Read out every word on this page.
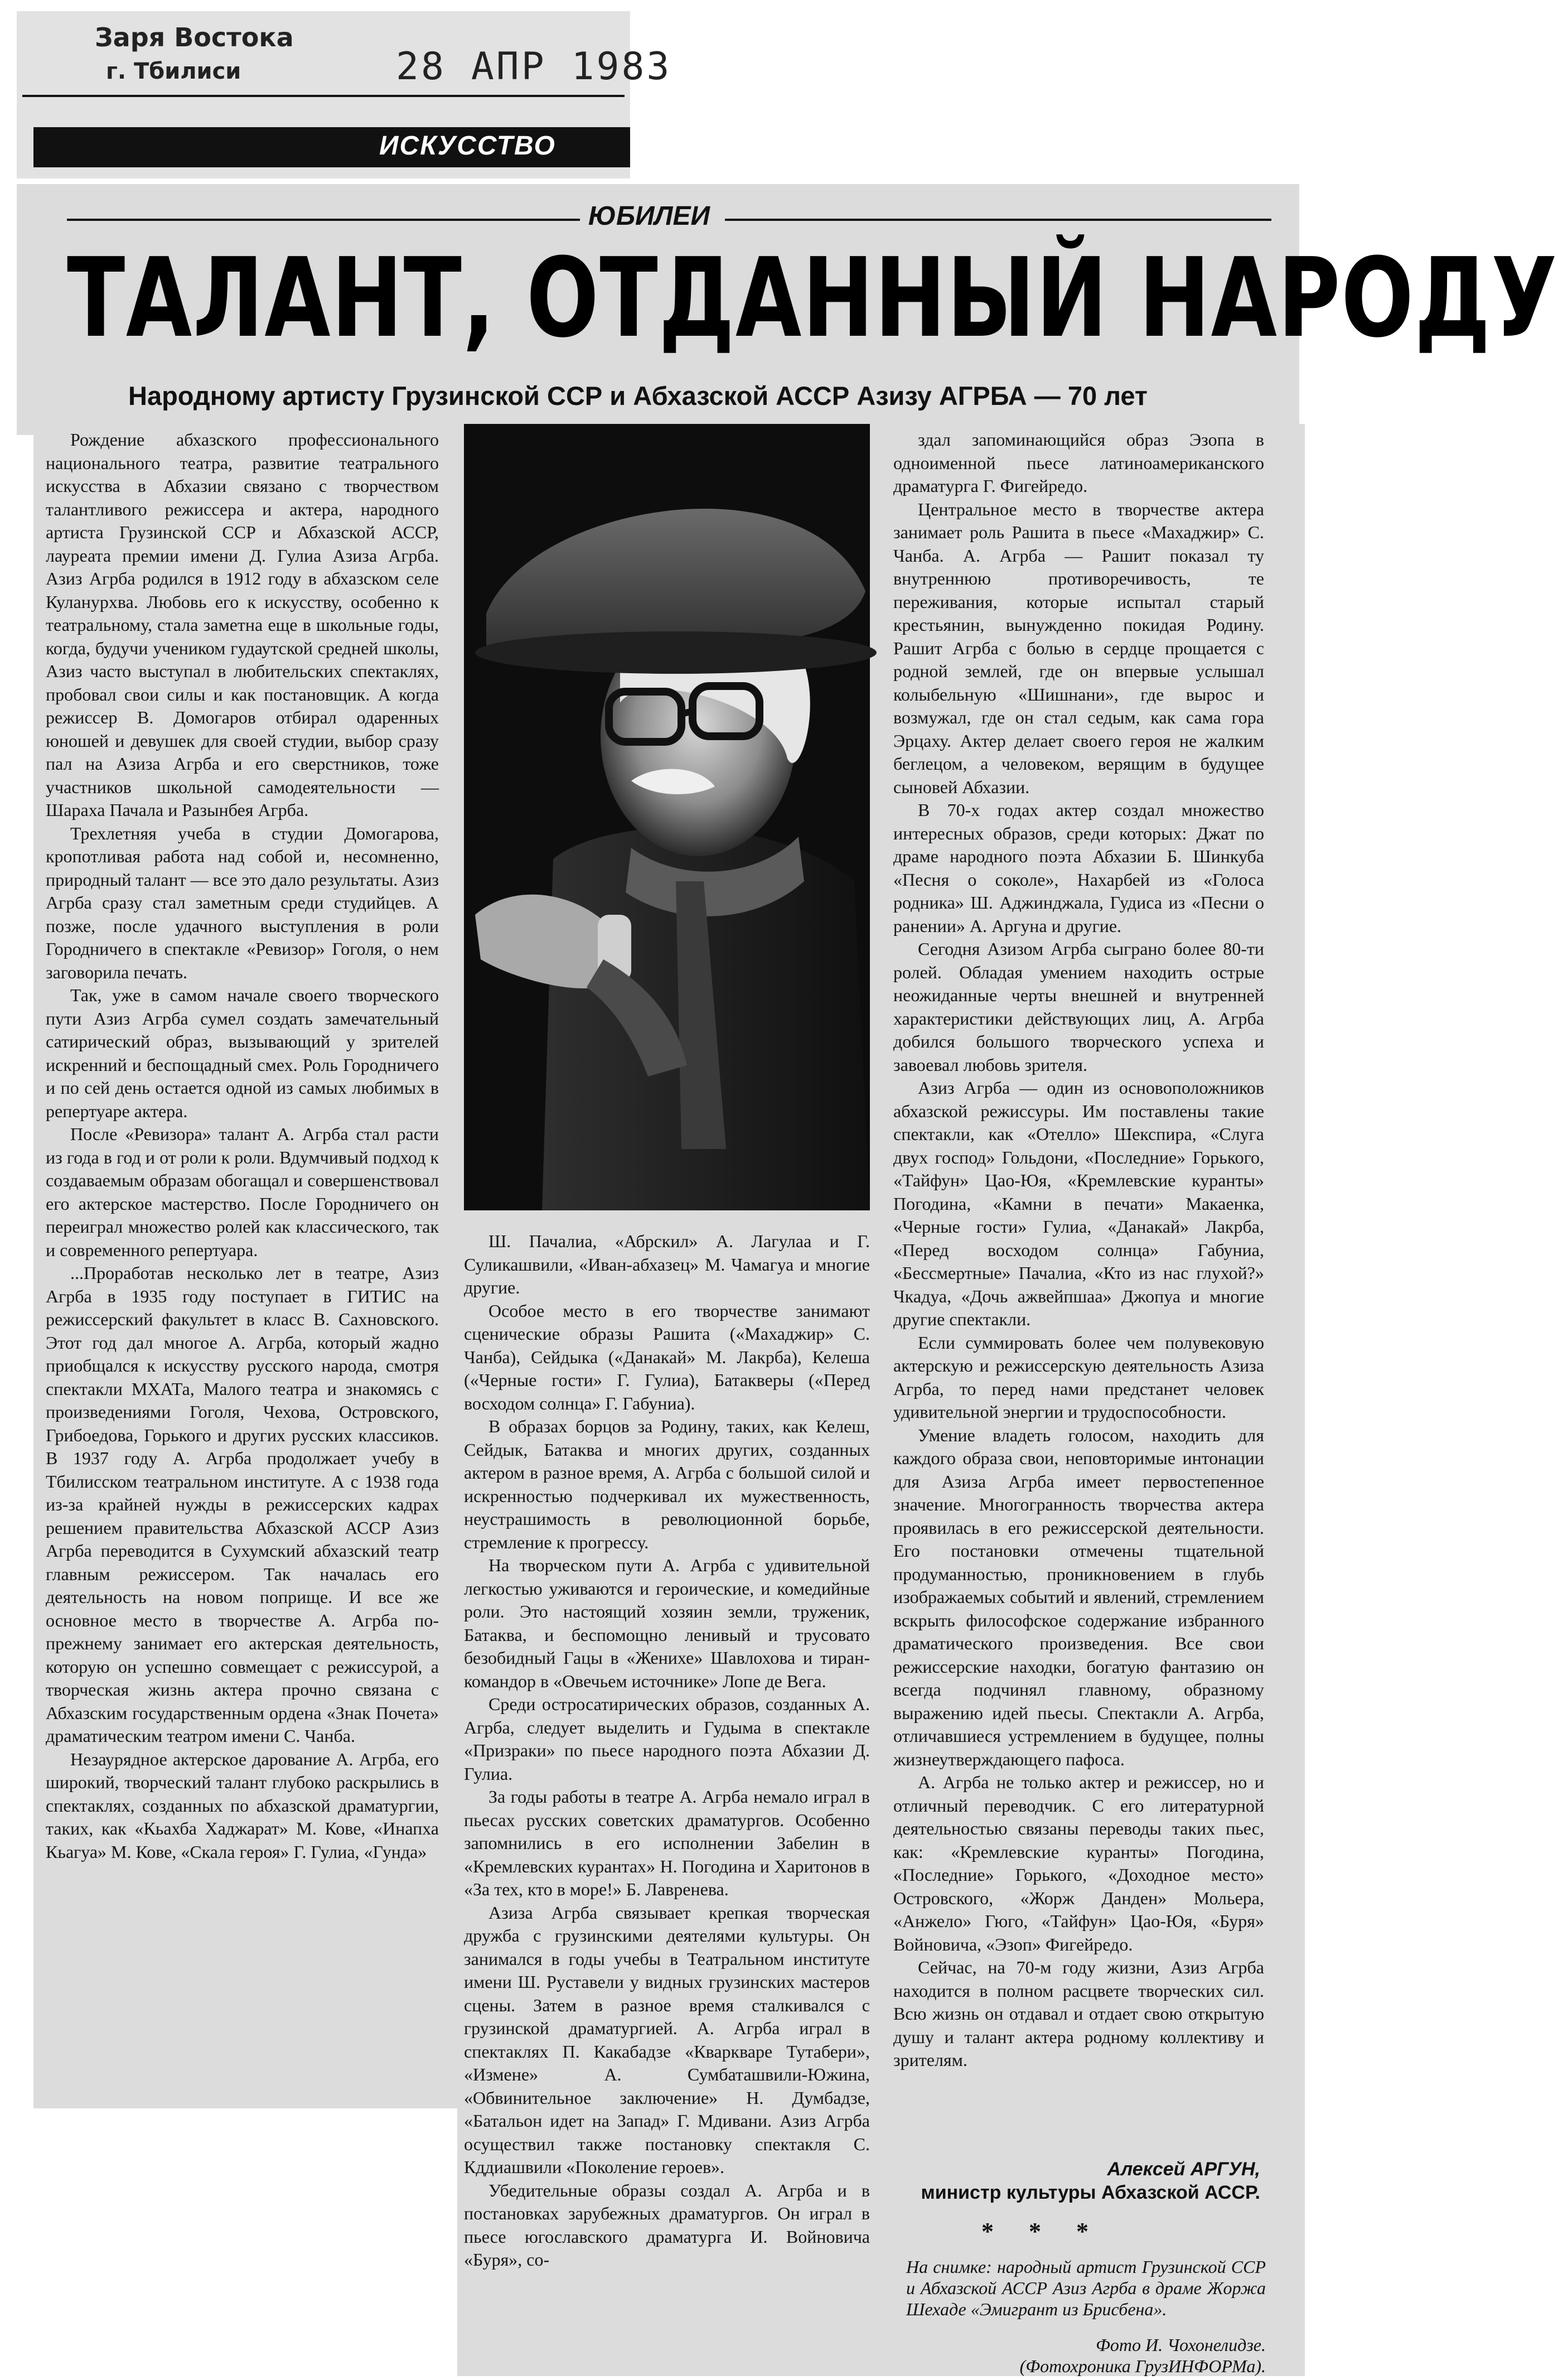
Заря Востока
г. Тбилиси	28 АПР 1983
ИСКУССТВО
ЮБИЛЕИ
ТАЛАНТ, ОТДАННЫЙ НАРОДУ
Народному артисту Грузинской ССР и Абхазской АССР Азизу АГРБА — 70 лет

Рождение абхазского профессионального национального театра, развитие театрального искусства в Абхазии связано с творчеством талантливого режиссера и актера, народного артиста Грузинской ССР и Абхазской АССР, лауреата премии имени Д. Гулиа Азиза Агрба. Азиз Агрба родился в 1912 году в абхазском селе Куланурхва. Любовь его к искусству, особенно к театральному, стала заметна еще в школьные годы, когда, будучи учеником гудаутской средней школы, Азиз часто выступал в любительских спектаклях, пробовал свои силы и как постановщик. А когда режиссер В. Домогаров отбирал одаренных юношей и девушек для своей студии, выбор сразу пал на Азиза Агрба и его сверстников, тоже участников школьной самодеятельности — Шараха Пачала и Разынбея Агрба.

Трехлетняя учеба в студии Домогарова, кропотливая работа над собой и, несомненно, природный талант — все это дало результаты. Азиз Агрба сразу стал заметным среди студийцев. А позже, после удачного выступления в роли Городничего в спектакле «Ревизор» Гоголя, о нем заговорила печать.

Так, уже в самом начале своего творческого пути Азиз Агрба сумел создать замечательный сатирический образ, вызывающий у зрителей искренний и беспощадный смех. Роль Городничего и по сей день остается одной из самых любимых в репертуаре актера.

После «Ревизора» талант А. Агрба стал расти из года в год и от роли к роли. Вдумчивый подход к создаваемым образам обогащал и совершенствовал его актерское мастерство. После Городничего он переиграл множество ролей как классического, так и современного репертуара.

...Проработав несколько лет в театре, Азиз Агрба в 1935 году поступает в ГИТИС на режиссерский факультет в класс В. Сахновского. Этот год дал многое А. Агрба, который жадно приобщался к искусству русского народа, смотря спектакли МХАТа, Малого театра и знакомясь с произведениями Гоголя, Чехова, Островского, Грибоедова, Горького и других русских классиков. В 1937 году А. Агрба продолжает учебу в Тбилисском театральном институте. А с 1938 года из-за крайней нужды в режиссерских кадрах решением правительства Абхазской АССР Азиз Агрба переводится в Сухумский абхазский театр главным режиссером. Так началась его деятельность на новом поприще. И все же основное место в творчестве А. Агрба по-прежнему занимает его актерская деятельность, которую он успешно совмещает с режиссурой, а творческая жизнь актера прочно связана с Абхазским государственным ордена «Знак Почета» драматическим театром имени С. Чанба.

Незаурядное актерское дарование А. Агрба, его широкий, творческий талант глубоко раскрылись в спектаклях, созданных по абхазской драматургии, таких, как «Кьахба Хаджарат» М. Кове, «Инапха Кьагуа» М. Кове, «Скала героя» Г. Гулиа, «Гунда»

Ш. Пачалиа, «Абрскил» А. Лагулаа и Г. Суликашвили, «Иван-абхазец» М. Чамагуа и многие другие.

Особое место в его творчестве занимают сценические образы Рашита («Махаджир» С. Чанба), Сейдыка («Данакай» М. Лакрба), Келеша («Черные гости» Г. Гулиа), Батакверы («Перед восходом солнца» Г. Габуниа).

В образах борцов за Родину, таких, как Келеш, Сейдык, Батаква и многих других, созданных актером в разное время, А. Агрба с большой силой и искренностью подчеркивал их мужественность, неустрашимость в революционной борьбе, стремление к прогрессу.

На творческом пути А. Агрба с удивительной легкостью уживаются и героические, и комедийные роли. Это настоящий хозяин земли, труженик, Батаква, и беспомощно ленивый и трусовато безобидный Гацы в «Женихе» Шавлохова и тиран-командор в «Овечьем источнике» Лопе де Вега.

Среди остросатирических образов, созданных А. Агрба, следует выделить и Гудыма в спектакле «Призраки» по пьесе народного поэта Абхазии Д. Гулиа.

За годы работы в театре А. Агрба немало играл в пьесах русских советских драматургов. Особенно запомнились в его исполнении Забелин в «Кремлевских курантах» Н. Погодина и Харитонов в «За тех, кто в море!» Б. Лавренева.

Азиза Агрба связывает крепкая творческая дружба с грузинскими деятелями культуры. Он занимался в годы учебы в Театральном институте имени Ш. Руставели у видных грузинских мастеров сцены. Затем в разное время сталкивался с грузинской драматургией. А. Агрба играл в спектаклях П. Какабадзе «Кваркваре Тутабери», «Измене» А. Сумбаташвили-Южина, «Обвинительное заключение» Н. Думбадзе, «Батальон идет на Запад» Г. Мдивани. Азиз Агрба осуществил также постановку спектакля С. Кддиашвили «Поколение героев».

Убедительные образы создал А. Агрба и в постановках зарубежных драматургов. Он играл в пьесе югославского драматурга И. Войновича «Буря», со-

здал запоминающийся образ Эзопа в одноименной пьесе латиноамериканского драматурга Г. Фигейредо.

Центральное место в творчестве актера занимает роль Рашита в пьесе «Махаджир» С. Чанба. А. Агрба — Рашит показал ту внутреннюю противоречивость, те переживания, которые испытал старый крестьянин, вынужденно покидая Родину. Рашит Агрба с болью в сердце прощается с родной землей, где он впервые услышал колыбельную «Шишнани», где вырос и возмужал, где он стал седым, как сама гора Эрцаху. Актер делает своего героя не жалким беглецом, а человеком, верящим в будущее сыновей Абхазии.

В 70-х годах актер создал множество интересных образов, среди которых: Джат по драме народного поэта Абхазии Б. Шинкуба «Песня о соколе», Нахарбей из «Голоса родника» Ш. Аджинджала, Гудиса из «Песни о ранении» А. Аргуна и другие.

Сегодня Азизом Агрба сыграно более 80-ти ролей. Обладая умением находить острые неожиданные черты внешней и внутренней характеристики действующих лиц, А. Агрба добился большого творческого успеха и завоевал любовь зрителя.

Азиз Агрба — один из основоположников абхазской режиссуры. Им поставлены такие спектакли, как «Отелло» Шекспира, «Слуга двух господ» Гольдони, «Последние» Горького, «Тайфун» Цао-Юя, «Кремлевские куранты» Погодина, «Камни в печати» Макаенка, «Черные гости» Гулиа, «Данакай» Лакрба, «Перед восходом солнца» Габуниа, «Бессмертные» Пачалиа, «Кто из нас глухой?» Чкадуа, «Дочь ажвейпшаа» Джопуа и многие другие спектакли.

Если суммировать более чем полувековую актерскую и режиссерскую деятельность Азиза Агрба, то перед нами предстанет человек удивительной энергии и трудоспособности.

Умение владеть голосом, находить для каждого образа свои, неповторимые интонации для Азиза Агрба имеет первостепенное значение. Многогранность творчества актера проявилась в его режиссерской деятельности. Его постановки отмечены тщательной продуманностью, проникновением в глубь изображаемых событий и явлений, стремлением вскрыть философское содержание избранного драматического произведения. Все свои режиссерские находки, богатую фантазию он всегда подчинял главному, образному выражению идей пьесы. Спектакли А. Агрба, отличавшиеся устремлением в будущее, полны жизнеутверждающего пафоса.

А. Агрба не только актер и режиссер, но и отличный переводчик. С его литературной деятельностью связаны переводы таких пьес, как: «Кремлевские куранты» Погодина, «Последние» Горького, «Доходное место» Островского, «Жорж Данден» Мольера, «Анжело» Гюго, «Тайфун» Цао-Юя, «Буря» Войновича, «Эзоп» Фигейредо.

Сейчас, на 70-м году жизни, Азиз Агрба находится в полном расцвете творческих сил. Всю жизнь он отдавал и отдает свою открытую душу и талант актера родному коллективу и зрителям.

Алексей АРГУН,
министр культуры Абхазской АССР.
* * *
На снимке: народный артист Грузинской ССР и Абхазской АССР Азиз Агрба в драме Жоржа Шехаде «Эмигрант из Брисбена».
Фото И. Чохонелидзе.
(Фотохроника ГрузИНФОРМа).
